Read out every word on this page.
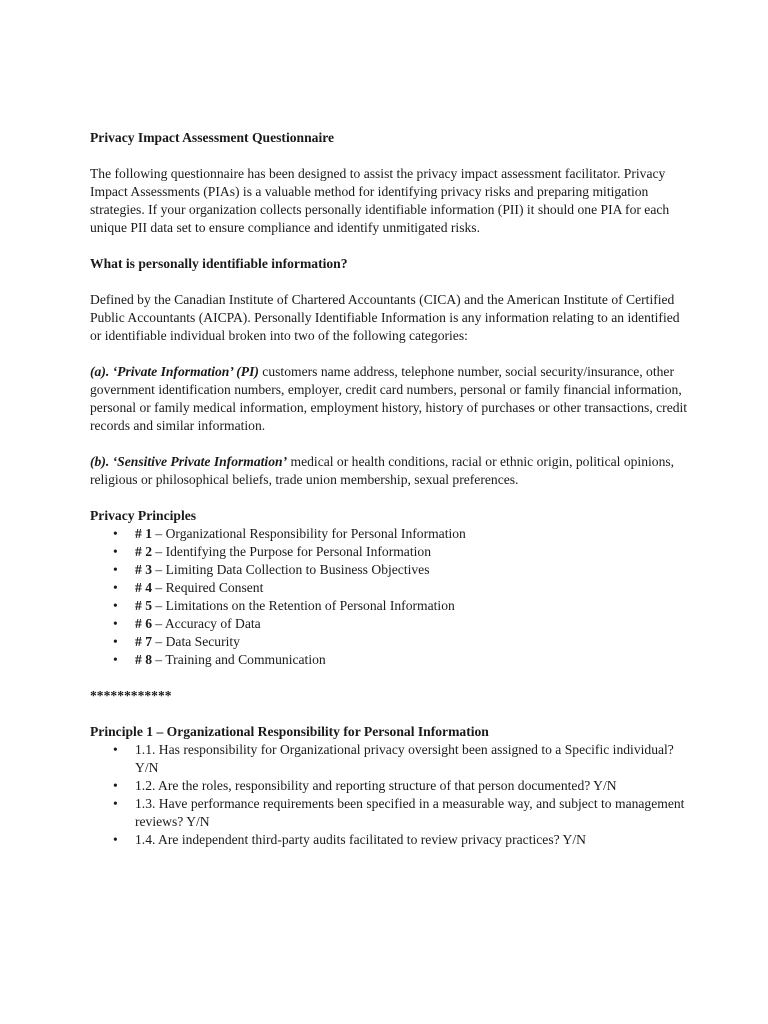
Privacy Impact Assessment Questionnaire

The following questionnaire has been designed to assist the privacy impact assessment facilitator. Privacy Impact Assessments (PIAs) is a valuable method for identifying privacy risks and preparing mitigation strategies. If your organization collects personally identifiable information (PII) it should one PIA for each unique PII data set to ensure compliance and identify unmitigated risks.

What is personally identifiable information?

Defined by the Canadian Institute of Chartered Accountants (CICA) and the American Institute of Certified Public Accountants (AICPA). Personally Identifiable Information is any information relating to an identified or identifiable individual broken into two of the following categories:

(a). ‘Private Information’ (PI) customers name address, telephone number, social security/insurance, other government identification numbers, employer, credit card numbers, personal or family financial information, personal or family medical information, employment history, history of purchases or other transactions, credit records and similar information.

(b). ‘Sensitive Private Information’ medical or health conditions, racial or ethnic origin, political opinions, religious or philosophical beliefs, trade union membership, sexual preferences.

Privacy Principles

• # 1 – Organizational Responsibility for Personal Information
• # 2 – Identifying the Purpose for Personal Information
• # 3 – Limiting Data Collection to Business Objectives
• # 4 – Required Consent
• # 5 – Limitations on the Retention of Personal Information
• # 6 – Accuracy of Data
• # 7 – Data Security
• # 8 – Training and Communication

************

Principle 1 – Organizational Responsibility for Personal Information

• 1.1. Has responsibility for Organizational privacy oversight been assigned to a Specific individual? Y/N
• 1.2. Are the roles, responsibility and reporting structure of that person documented? Y/N
• 1.3. Have performance requirements been specified in a measurable way, and subject to management reviews? Y/N
• 1.4. Are independent third-party audits facilitated to review privacy practices? Y/N
